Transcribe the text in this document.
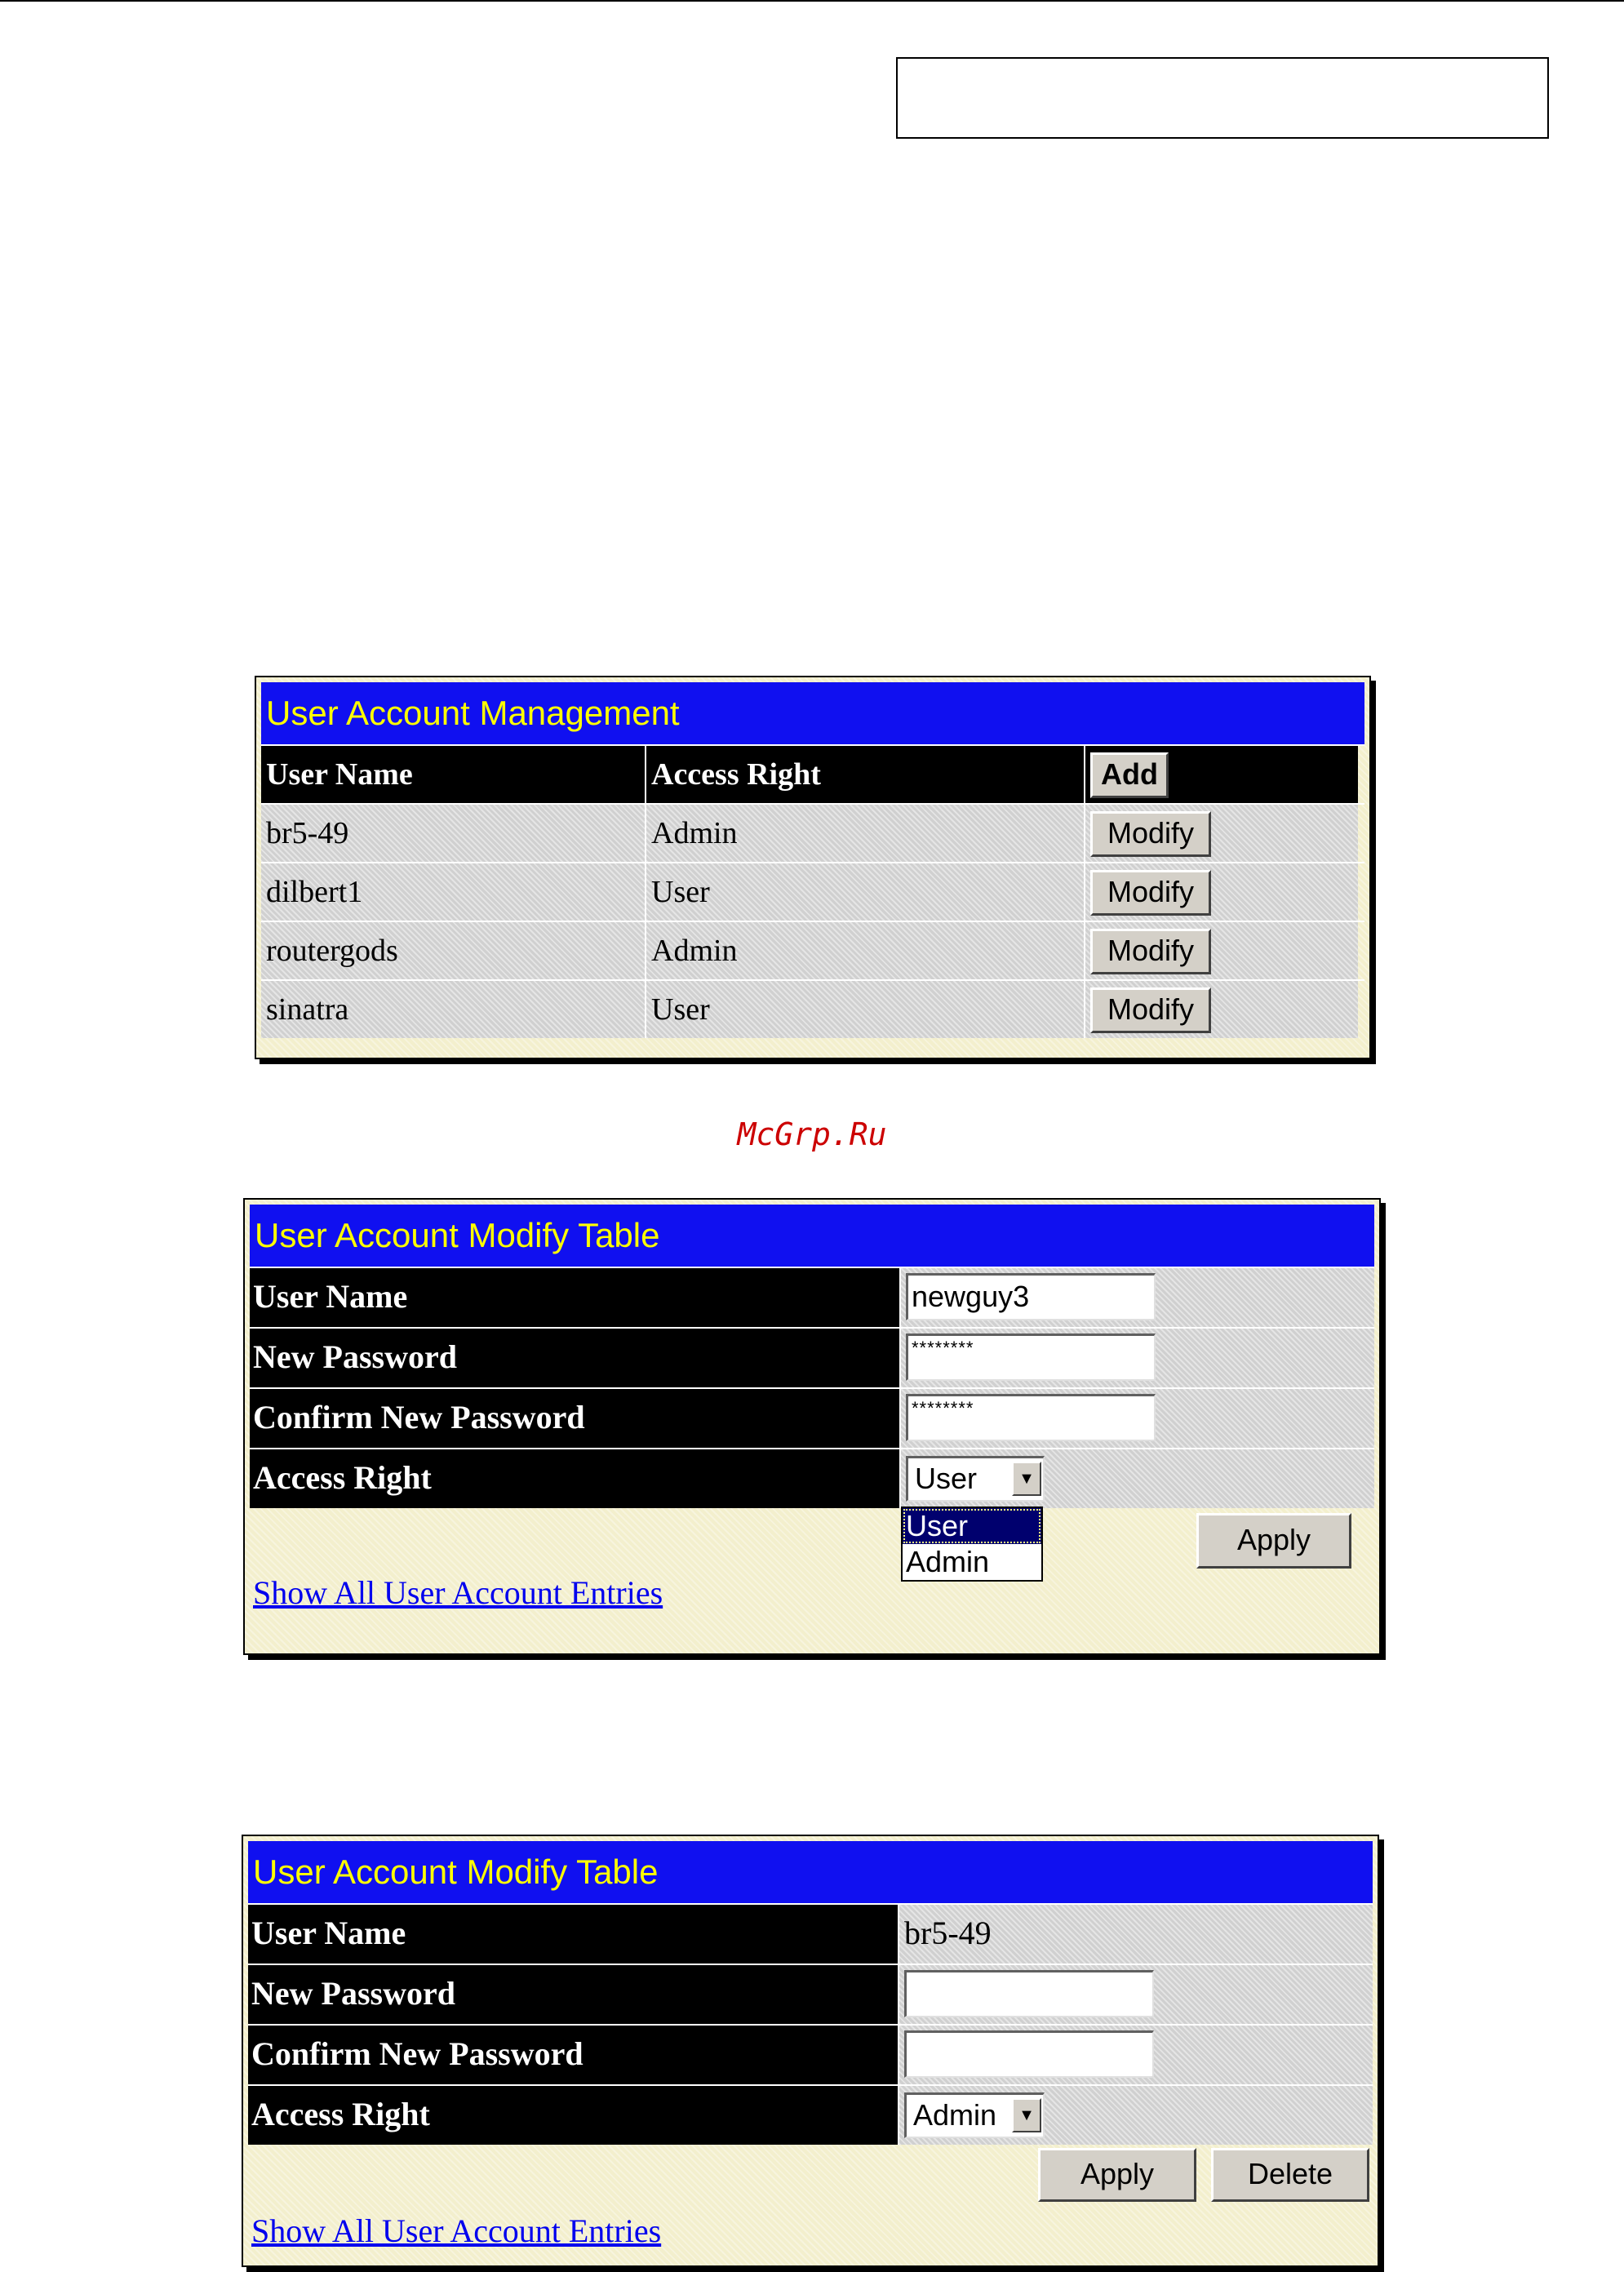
User Account Management
User Name	Access Right	Add
br5-49	Admin	Modify
dilbert1	User	Modify
routergods	Admin	Modify
sinatra	User	Modify
McGrp.Ru
User Account Modify Table
User Name	newguy3
New Password	********
Confirm New Password	********
Access Right	User	▼
User
Admin
Apply
Show All User Account Entries
User Account Modify Table
User Name	br5-49
New Password
Confirm New Password
Access Right	Admin	▼
Apply	Delete
Show All User Account Entries
